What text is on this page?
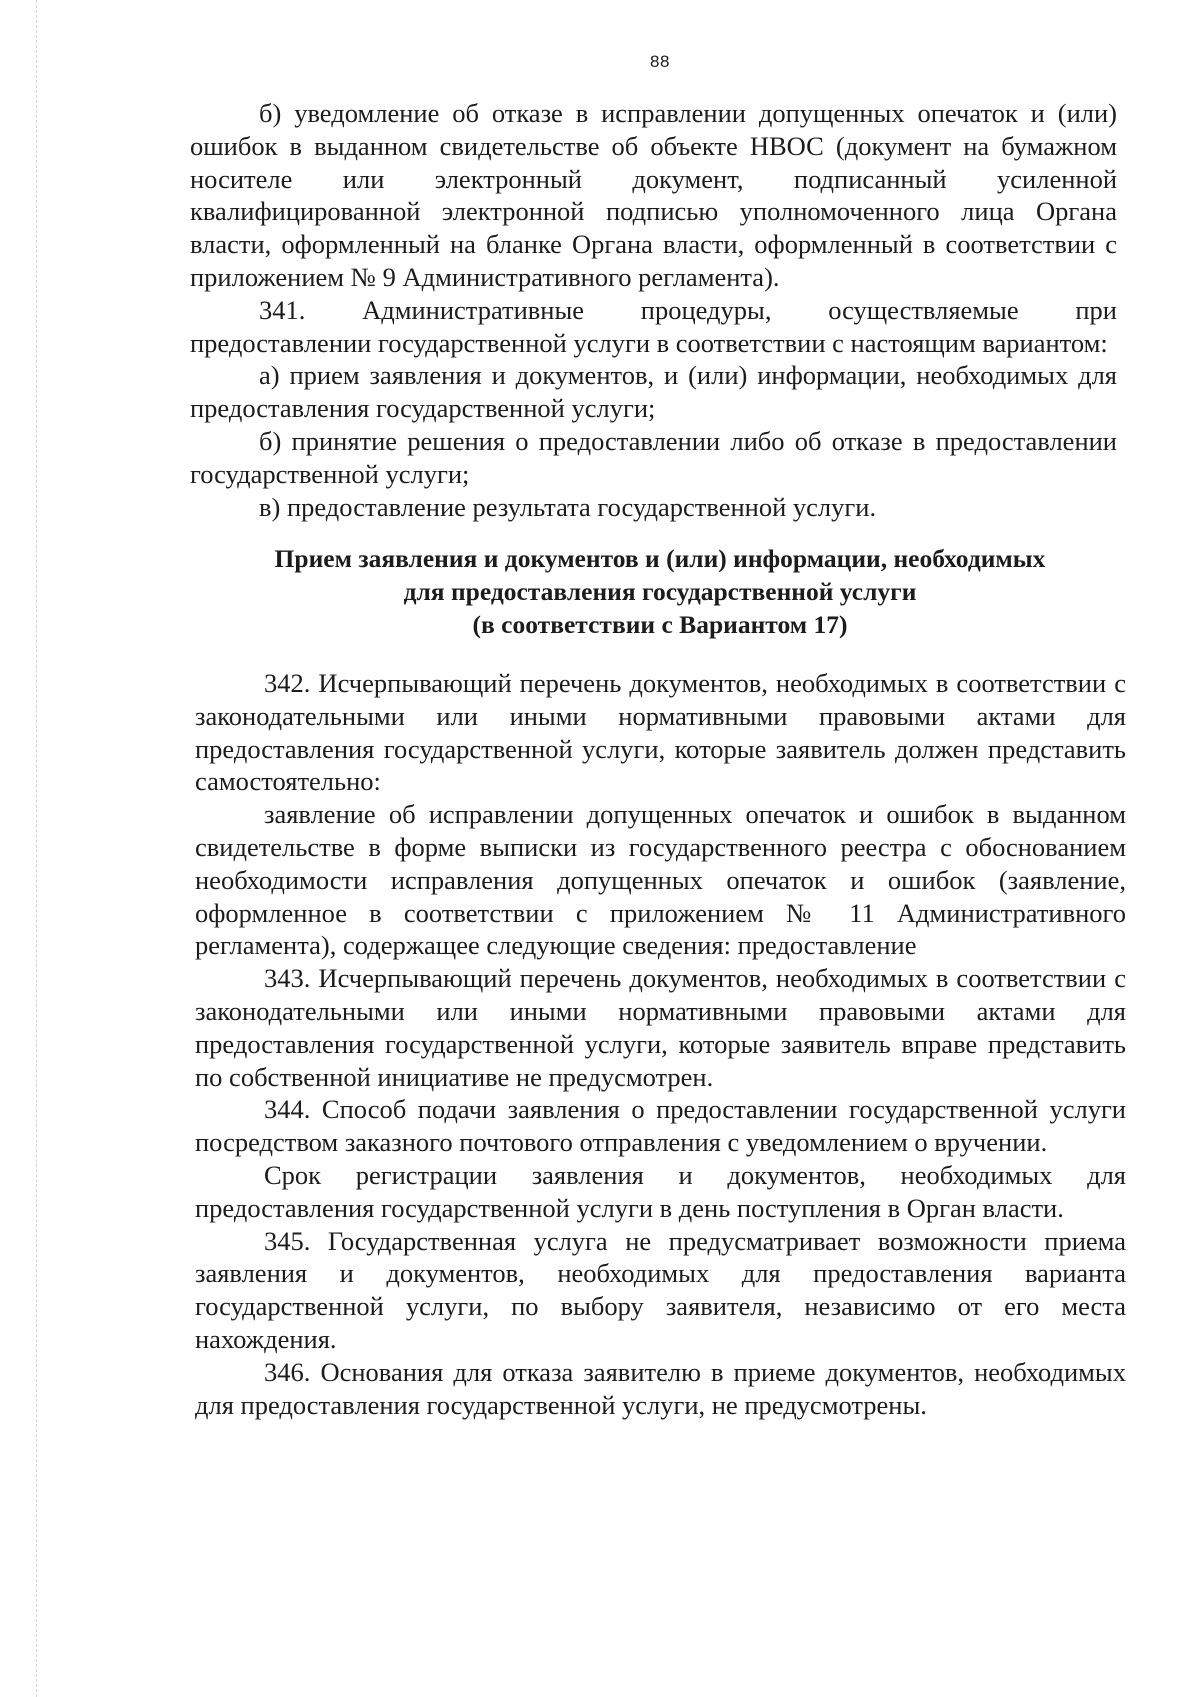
88

б) уведомление об отказе в исправлении допущенных опечаток и (или) ошибок в выданном свидетельстве об объекте НВОС (документ на бумажном носителе или электронный документ, подписанный усиленной квалифицированной электронной подписью уполномоченного лица Органа власти, оформленный на бланке Органа власти, оформленный в соответствии с приложением № 9 Административного регламента).

341. Административные процедуры, осуществляемые при

предоставлении государственной услуги в соответствии с настоящим вариантом:

а) прием заявления и документов, и (или) информации, необходимых для предоставления государственной услуги;

б) принятие решения о предоставлении либо об отказе в предоставлении государственной услуги;

в) предоставление результата государственной услуги.

Прием заявления и документов и (или) информации, необходимых
для предоставления государственной услуги
(в соответствии с Вариантом 17)

342. Исчерпывающий перечень документов, необходимых в соответствии с законодательными или иными нормативными правовыми актами для предоставления государственной услуги, которые заявитель должен представить самостоятельно:

заявление об исправлении допущенных опечаток и ошибок в выданном свидетельстве в форме выписки из государственного реестра с обоснованием необходимости исправления допущенных опечаток и ошибок (заявление, оформленное в соответствии с приложением № 11 Административного регламента), содержащее следующие сведения: предоставление

343. Исчерпывающий перечень документов, необходимых в соответствии с законодательными или иными нормативными правовыми актами для предоставления государственной услуги, которые заявитель вправе представить по собственной инициативе не предусмотрен.

344. Способ подачи заявления о предоставлении государственной услуги посредством заказного почтового отправления с уведомлением о вручении.

Срок регистрации заявления и документов, необходимых для предоставления государственной услуги в день поступления в Орган власти.

345. Государственная услуга не предусматривает возможности приема заявления и документов, необходимых для предоставления варианта государственной услуги, по выбору заявителя, независимо от его места нахождения.

346. Основания для отказа заявителю в приеме документов, необходимых для предоставления государственной услуги, не предусмотрены.
